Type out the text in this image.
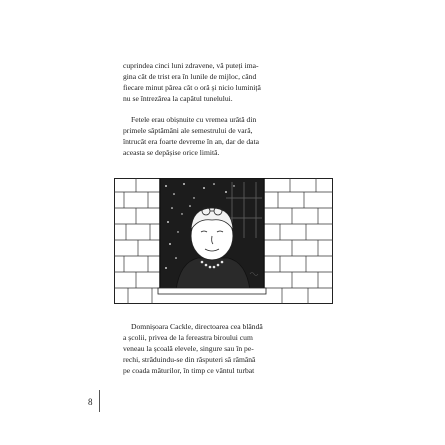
cuprindea cinci luni zdravene, vă puteți ima-
gina cât de trist era în lunile de mijloc, când
fiecare minut părea cât o oră și nicio luminiță
nu se întrezărea la capătul tunelului.

Fetele erau obișnuite cu vremea urâtă din
primele săptămâni ale semestrului de vară,
întrucât era foarte devreme în an, dar de data
aceasta se depășise orice limită.

Domnișoara Cackle, directoarea cea blândă
a școlii, privea de la fereastra biroului cum
veneau la școală elevele, singure sau în pe-
rechi, străduindu-se din răsputeri să rămână
pe coada măturilor, în timp ce vântul turbat

8
